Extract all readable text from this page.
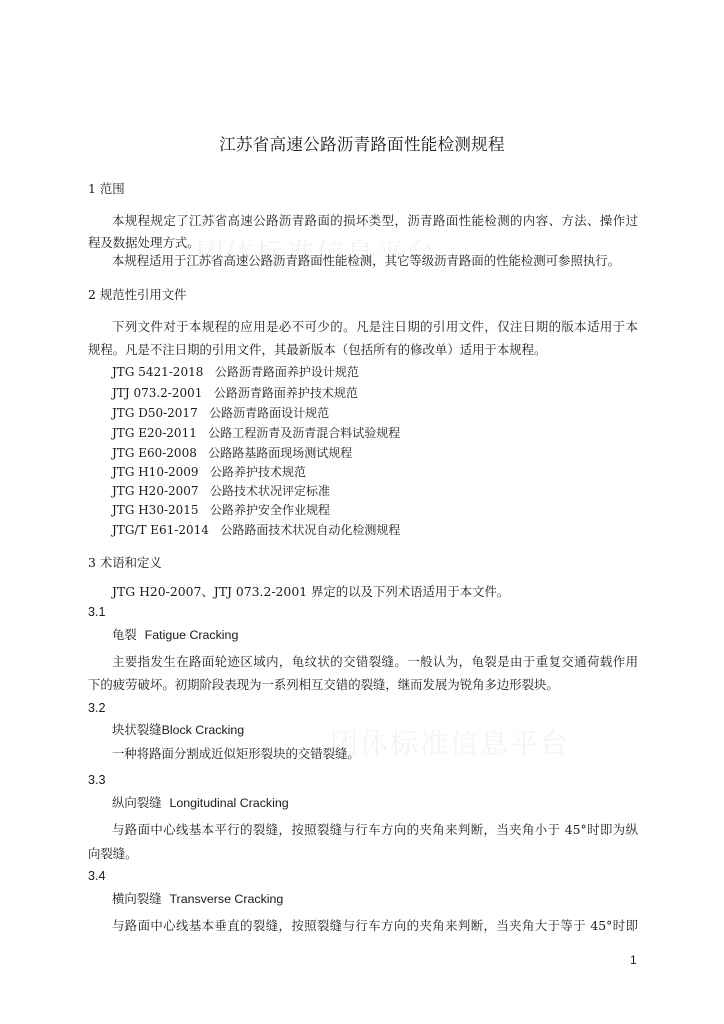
江苏省高速公路沥青路面性能检测规程
1 范围
本规程规定了江苏省高速公路沥青路面的损坏类型，沥青路面性能检测的内容、方法、操作过
程及数据处理方式。
本规程适用于江苏省高速公路沥青路面性能检测，其它等级沥青路面的性能检测可参照执行。
2 规范性引用文件
下列文件对于本规程的应用是必不可少的。凡是注日期的引用文件，仅注日期的版本适用于本
规程。凡是不注日期的引用文件，其最新版本（包括所有的修改单）适用于本规程。
JTG 5421-2018 公路沥青路面养护设计规范
JTJ 073.2-2001 公路沥青路面养护技术规范
JTG D50-2017 公路沥青路面设计规范
JTG E20-2011 公路工程沥青及沥青混合料试验规程
JTG E60-2008 公路路基路面现场测试规程
JTG H10-2009 公路养护技术规范
JTG H20-2007 公路技术状况评定标准
JTG H30-2015 公路养护安全作业规程
JTG/T E61-2014 公路路面技术状况自动化检测规程
3 术语和定义
JTG H20-2007、JTJ 073.2-2001 界定的以及下列术语适用于本文件。
3.1
龟裂 Fatigue Cracking
主要指发生在路面轮迹区域内，龟纹状的交错裂缝。一般认为，龟裂是由于重复交通荷载作用
下的疲劳破坏。初期阶段表现为一系列相互交错的裂缝，继而发展为锐角多边形裂块。
3.2
块状裂缝Block Cracking
一种将路面分割成近似矩形裂块的交错裂缝。
3.3
纵向裂缝 Longitudinal Cracking
与路面中心线基本平行的裂缝，按照裂缝与行车方向的夹角来判断，当夹角小于 45°时即为纵
向裂缝。
3.4
横向裂缝 Transverse Cracking
与路面中心线基本垂直的裂缝，按照裂缝与行车方向的夹角来判断，当夹角大于等于 45°时即
1
